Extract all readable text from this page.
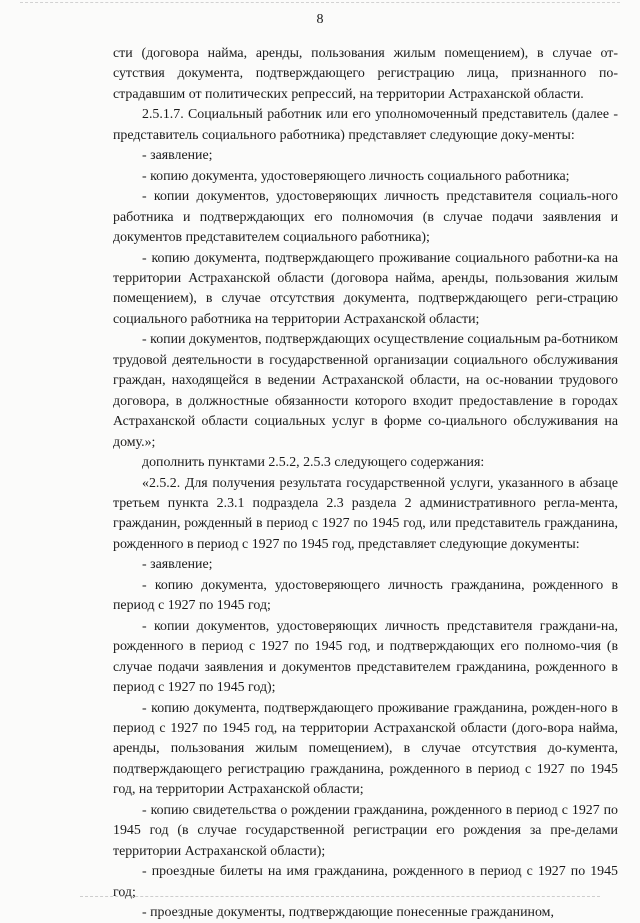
8

сти (договора найма, аренды, пользования жилым помещением), в случае от-сутствия документа, подтверждающего регистрацию лица, признанного по-страдавшим от политических репрессий, на территории Астраханской области.

2.5.1.7. Социальный работник или его уполномоченный представитель (далее - представитель социального работника) представляет следующие доку-менты:

- заявление;

- копию документа, удостоверяющего личность социального работника;

- копии документов, удостоверяющих личность представителя социаль-ного работника и подтверждающих его полномочия (в случае подачи заявления и документов представителем социального работника);

- копию документа, подтверждающего проживание социального работни-ка на территории Астраханской области (договора найма, аренды, пользования жилым помещением), в случае отсутствия документа, подтверждающего реги-страцию социального работника на территории Астраханской области;

- копии документов, подтверждающих осуществление социальным ра-ботником трудовой деятельности в государственной организации социального обслуживания граждан, находящейся в ведении Астраханской области, на ос-новании трудового договора, в должностные обязанности которого входит предоставление в городах Астраханской области социальных услуг в форме со-циального обслуживания на дому.»;

дополнить пунктами 2.5.2, 2.5.3 следующего содержания:

«2.5.2. Для получения результата государственной услуги, указанного в абзаце третьем пункта 2.3.1 подраздела 2.3 раздела 2 административного регла-мента, гражданин, рожденный в период с 1927 по 1945 год, или представитель гражданина, рожденного в период с 1927 по 1945 год, представляет следующие документы:

- заявление;

- копию документа, удостоверяющего личность гражданина, рожденного в период с 1927 по 1945 год;

- копии документов, удостоверяющих личность представителя граждани-на, рожденного в период с 1927 по 1945 год, и подтверждающих его полномо-чия (в случае подачи заявления и документов представителем гражданина, рожденного в период с 1927 по 1945 год);

- копию документа, подтверждающего проживание гражданина, рожден-ного в период с 1927 по 1945 год, на территории Астраханской области (дого-вора найма, аренды, пользования жилым помещением), в случае отсутствия до-кумента, подтверждающего регистрацию гражданина, рожденного в период с 1927 по 1945 год, на территории Астраханской области;

- копию свидетельства о рождении гражданина, рожденного в период с 1927 по 1945 год (в случае государственной регистрации его рождения за пре-делами территории Астраханской области);

- проездные билеты на имя гражданина, рожденного в период с 1927 по 1945 год;

- проездные документы, подтверждающие понесенные гражданином,
